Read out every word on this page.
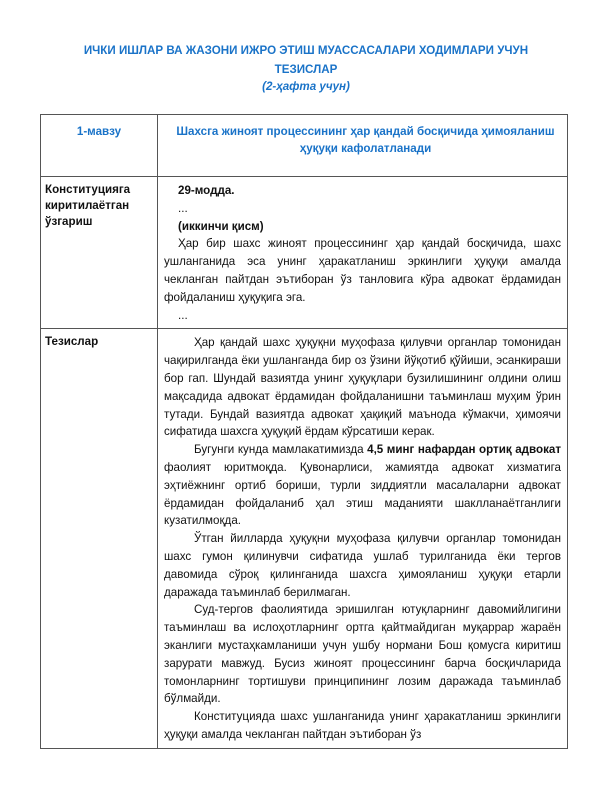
ИЧКИ ИШЛАР ВА ЖАЗОНИ ИЖРО ЭТИШ МУАССАСАЛАРИ ХОДИМЛАРИ УЧУН
ТЕЗИСЛАР
(2-ҳафта учун)
1-мавзу	Шахсга жиноят процессининг ҳар қандай босқичида ҳимояланиш ҳуқуқи кафолатланади
Конституцияга киритилаётган ўзгариш	29-модда.
...
(иккинчи қисм)

Ҳар бир шахс жиноят процессининг ҳар қандай босқичида, шахс ушланганида эса унинг ҳаракатланиш эркинлиги ҳуқуқи амалда чекланган пайтдан эътиборан ўз танловига кўра адвокат ёрдамидан фойдаланиш ҳуқуқига эга.

...

Тезислар	Ҳар қандай шахс ҳуқуқни муҳофаза қилувчи органлар томонидан чақирилганда ёки ушланганда бир оз ўзини йўқотиб қўйиши, эсанкираши бор гап. Шундай вазиятда унинг ҳуқуқлари бузилишининг олдини олиш мақсадида адвокат ёрдамидан фойдаланишни таъминлаш муҳим ўрин тутади. Бундай вазиятда адвокат ҳақиқий маънода кўмакчи, ҳимоячи сифатида шахсга ҳуқуқий ёрдам кўрсатиши керак.

Бугунги кунда мамлакатимизда 4,5 минг нафардан ортиқ адвокат фаолият юритмоқда. Қувонарлиси, жамиятда адвокат хизматига эҳтиёжнинг ортиб бориши, турли зиддиятли масалаларни адвокат ёрдамидан фойдаланиб ҳал этиш маданияти шаклланаётганлиги кузатилмоқда.

Ўтган йилларда ҳуқуқни муҳофаза қилувчи органлар томонидан шахс гумон қилинувчи сифатида ушлаб турилганида ёки тергов давомида сўроқ қилинганида шахсга ҳимояланиш ҳуқуқи етарли даражада таъминлаб берилмаган.

Суд-тергов фаолиятида эришилган ютуқларнинг давомийлигини таъминлаш ва ислоҳотларнинг ортга қайтмайдиган муқаррар жараён эканлиги мустаҳкамланиши учун ушбу нормани Бош қомусга киритиш зарурати мавжуд. Бусиз жиноят процессининг барча босқичларида томонларнинг тортишуви принципининг лозим даражада таъминлаб бўлмайди.

Конституцияда шахс ушланганида унинг ҳаракатланиш эркинлиги ҳуқуқи амалда чекланган пайтдан эътиборан ўз
